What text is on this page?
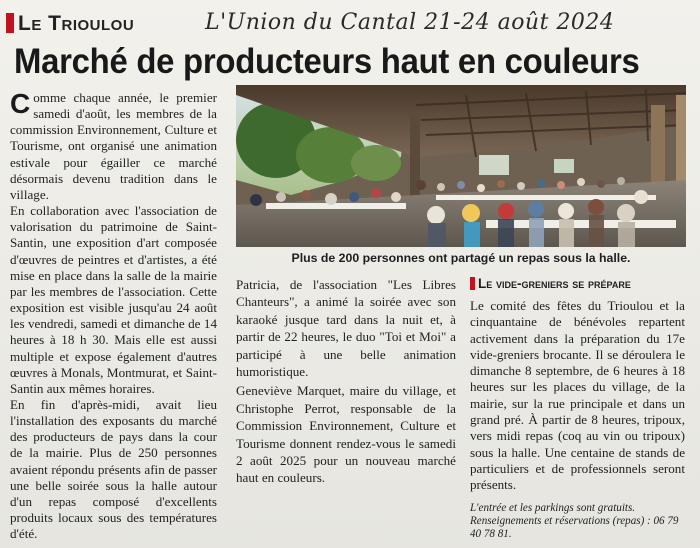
Le Trioulou	L'Union du Cantal 21-24 août 2024
Marché de producteurs haut en couleurs

Comme chaque année, le premier samedi d'août, les membres de la commission Environnement, Culture et Tourisme, ont organisé une animation estivale pour égailler ce marché désormais devenu tradition dans le village.

En collaboration avec l'association de valorisation du patrimoine de Saint-Santin, une exposition d'art composée d'œuvres de peintres et d'artistes, a été mise en place dans la salle de la mairie par les membres de l'association. Cette exposition est visible jusqu'au 24 août les vendredi, samedi et dimanche de 14 heures à 18 h 30. Mais elle est aussi multiple et expose également d'autres œuvres à Monals, Montmurat, et Saint-Santin aux mêmes horaires.

En fin d'après-midi, avait lieu l'installation des exposants du marché des producteurs de pays dans la cour de la mairie. Plus de 250 personnes avaient répondu présents afin de passer une belle soirée sous la halle autour d'un repas composé d'excellents produits locaux sous des températures d'été.

Plus de 200 personnes ont partagé un repas sous la halle.

Patricia, de l'association "Les Libres Chanteurs", a animé la soirée avec son karaoké jusque tard dans la nuit et, à partir de 22 heures, le duo "Toi et Moi" a participé à une belle animation humoristique.

Geneviève Marquet, maire du village, et Christophe Perrot, responsable de la Commission Environnement, Culture et Tourisme donnent rendez-vous le samedi 2 août 2025 pour un nouveau marché haut en couleurs.

Le vide-greniers se prépare

Le comité des fêtes du Trioulou et la cinquantaine de bénévoles repartent activement dans la préparation du 17e vide-greniers brocante. Il se déroulera le dimanche 8 septembre, de 6 heures à 18 heures sur les places du village, de la mairie, sur la rue principale et dans un grand pré. À partir de 8 heures, tripoux, vers midi repas (coq au vin ou tripoux) sous la halle. Une centaine de stands de particuliers et de professionnels seront présents.

L'entrée et les parkings sont gratuits.
Renseignements et réservations (repas) : 06 79 40 78 81.
